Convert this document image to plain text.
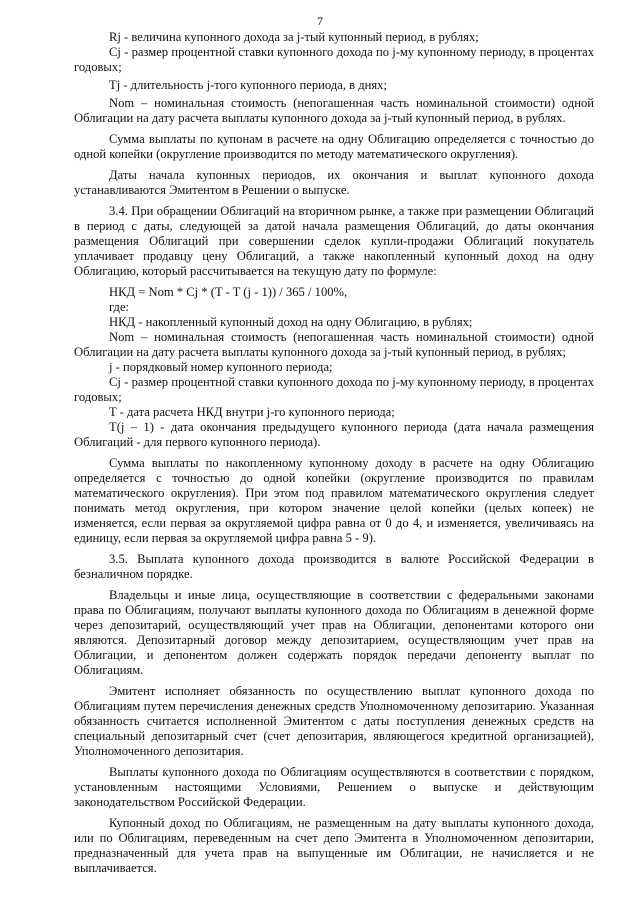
7

Rj - величина купонного дохода за j-тый купонный период, в рублях;

Cj - размер процентной ставки купонного дохода по j-му купонному периоду, в процентах годовых;

Tj - длительность j-того купонного периода, в днях;

Nom – номинальная стоимость (непогашенная часть номинальной стоимости) одной Облигации на дату расчета выплаты купонного дохода за j-тый купонный период, в рублях.

Сумма выплаты по купонам в расчете на одну Облигацию определяется с точностью до одной копейки (округление производится по методу математического округления).

Даты начала купонных периодов, их окончания и выплат купонного дохода устанавливаются Эмитентом в Решении о выпуске.

3.4. При обращении Облигаций на вторичном рынке, а также при размещении Облигаций в период с даты, следующей за датой начала размещения Облигаций, до даты окончания размещения Облигаций при совершении сделок купли-продажи Облигаций покупатель уплачивает продавцу цену Облигаций, а также накопленный купонный доход на одну Облигацию, который рассчитывается на текущую дату по формуле:

НКД = Nom * Cj * (T - T (j - 1)) / 365 / 100%,

где:

НКД - накопленный купонный доход на одну Облигацию, в рублях;

Nom – номинальная стоимость (непогашенная часть номинальной стоимости) одной Облигации на дату расчета выплаты купонного дохода за j-тый купонный период, в рублях;

j - порядковый номер купонного периода;

Cj - размер процентной ставки купонного дохода по j-му купонному периоду, в процентах годовых;

T - дата расчета НКД внутри j-го купонного периода;

T(j – 1) - дата окончания предыдущего купонного периода (дата начала размещения Облигаций - для первого купонного периода).

Сумма выплаты по накопленному купонному доходу в расчете на одну Облигацию определяется с точностью до одной копейки (округление производится по правилам математического округления). При этом под правилом математического округления следует понимать метод округления, при котором значение целой копейки (целых копеек) не изменяется, если первая за округляемой цифра равна от 0 до 4, и изменяется, увеличиваясь на единицу, если первая за округляемой цифра равна 5 - 9).

3.5. Выплата купонного дохода производится в валюте Российской Федерации в безналичном порядке.

Владельцы и иные лица, осуществляющие в соответствии с федеральными законами права по Облигациям, получают выплаты купонного дохода по Облигациям в денежной форме через депозитарий, осуществляющий учет прав на Облигации, депонентами которого они являются. Депозитарный договор между депозитарием, осуществляющим учет прав на Облигации, и депонентом должен содержать порядок передачи депоненту выплат по Облигациям.

Эмитент исполняет обязанность по осуществлению выплат купонного дохода по Облигациям путем перечисления денежных средств Уполномоченному депозитарию. Указанная обязанность считается исполненной Эмитентом с даты поступления денежных средств на специальный депозитарный счет (счет депозитария, являющегося кредитной организацией), Уполномоченного депозитария.

Выплаты купонного дохода по Облигациям осуществляются в соответствии с порядком, установленным настоящими Условиями, Решением о выпуске и действующим законодательством Российской Федерации.

Купонный доход по Облигациям, не размещенным на дату выплаты купонного дохода, или по Облигациям, переведенным на счет депо Эмитента в Уполномоченном депозитарии, предназначенный для учета прав на выпущенные им Облигации, не начисляется и не выплачивается.
